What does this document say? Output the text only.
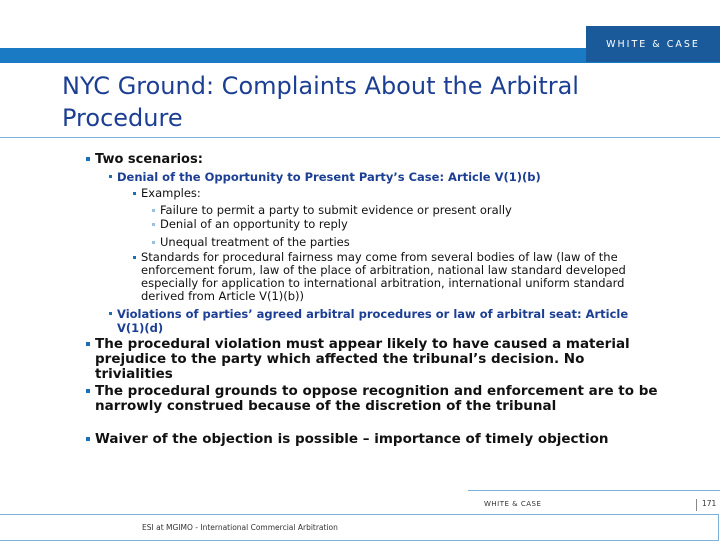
WHITE & CASE
NYC Ground: Complaints About the Arbitral Procedure
Two scenarios:
Denial of the Opportunity to Present Party’s Case: Article V(1)(b)
Examples:
Failure to permit a party to submit evidence or present orally
Denial of an opportunity to reply
Unequal treatment of the parties
Standards for procedural fairness may come from several bodies of law (law of the enforcement forum, law of the place of arbitration, national law standard developed especially for application to international arbitration, international uniform standard derived from Article V(1)(b))
Violations of parties’ agreed arbitral procedures or law of arbitral seat: Article V(1)(d)
The procedural violation must appear likely to have caused a material prejudice to the party which affected the tribunal’s decision. No trivialities
The procedural grounds to oppose recognition and enforcement are to be narrowly construed because of the discretion of the tribunal
Waiver of the objection is possible – importance of timely objection
WHITE & CASE	171
ESI at MGIMO - International Commercial Arbitration
